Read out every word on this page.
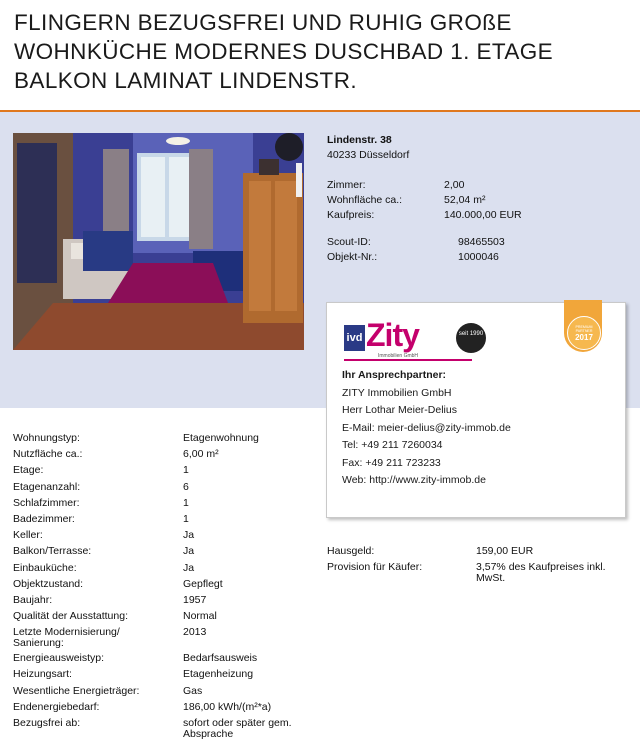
FLINGERN BEZUGSFREI UND RUHIG GROßE WOHNKÜCHE MODERNES DUSCHBAD 1. ETAGE BALKON LAMINAT LINDENSTR.
Lindenstr. 38
40233 Düsseldorf
Zimmer:	2,00
Wohnfläche ca.:	52,04 m²
Kaufpreis:	140.000,00 EUR
Scout-ID:	98465503
Objekt-Nr.:	1000046
ivd Zity
Immobilien GmbH
seit 1990
PREMIUM PARTNER
2017
Ihr Ansprechpartner:
ZITY Immobilien GmbH
Herr Lothar Meier-Delius
E-Mail: meier-delius@zity-immob.de
Tel: +49 211 7260034
Fax: +49 211 723233
Web: http://www.zity-immob.de
Wohnungstyp:	Etagenwohnung
Nutzfläche ca.:	6,00 m²
Etage:	1
Etagenanzahl:	6
Schlafzimmer:	1
Badezimmer:	1
Keller:	Ja
Balkon/Terrasse:	Ja
Einbauküche:	Ja
Objektzustand:	Gepflegt
Baujahr:	1957
Qualität der Ausstattung:	Normal
Letzte Modernisierung/ Sanierung:
2013
Energieausweistyp:	Bedarfsausweis
Heizungsart:	Etagenheizung
Wesentliche Energieträger:	Gas
Endenergiebedarf:	186,00 kWh/(m²*a)
Bezugsfrei ab:	sofort oder später gem. Absprache
Hausgeld:	159,00 EUR
Provision für Käufer:	3,57% des Kaufpreises inkl. MwSt.
